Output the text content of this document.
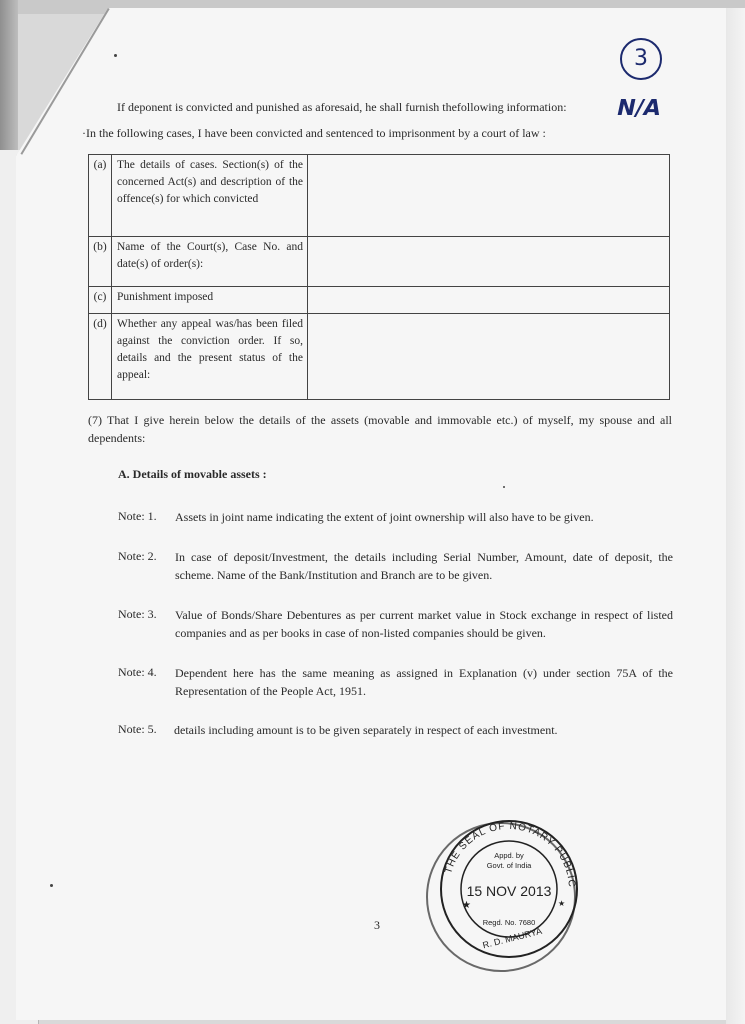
3
If deponent is convicted and punished as aforesaid, he shall furnish thefollowing information: N/A
·In the following cases, I have been convicted and sentenced to imprisonment by a court of law :
(a)	The details of cases. Section(s) of the concerned Act(s) and description of the offence(s) for which convicted	
(b)	Name of the Court(s), Case No. and date(s) of order(s):	
(c)	Punishment imposed	
(d)	Whether any appeal was/has been filed against the conviction order. If so, details and the present status of the appeal:	
(7) That I give herein below the details of the assets (movable and immovable etc.) of myself, my spouse and all dependents:
A. Details of movable assets :
Note: 1. Assets in joint name indicating the extent of joint ownership will also have to be given.
Note: 2. In case of deposit/Investment, the details including Serial Number, Amount, date of deposit, the scheme. Name of the Bank/Institution and Branch are to be given.
Note: 3. Value of Bonds/Share Debentures as per current market value in Stock exchange in respect of listed companies and as per books in case of non-listed companies should be given.
Note: 4. Dependent here has the same meaning as assigned in Explanation (v) under section 75A of the Representation of the People Act, 1951.
Note: 5. details including amount is to be given separately in respect of each investment.
3
THE SEAL OF NOTARY PUBLIC
Appd. by
Govt. of India
15 NOV 2013
Regd. No. 7680
R. D. MAURYA
★	★
